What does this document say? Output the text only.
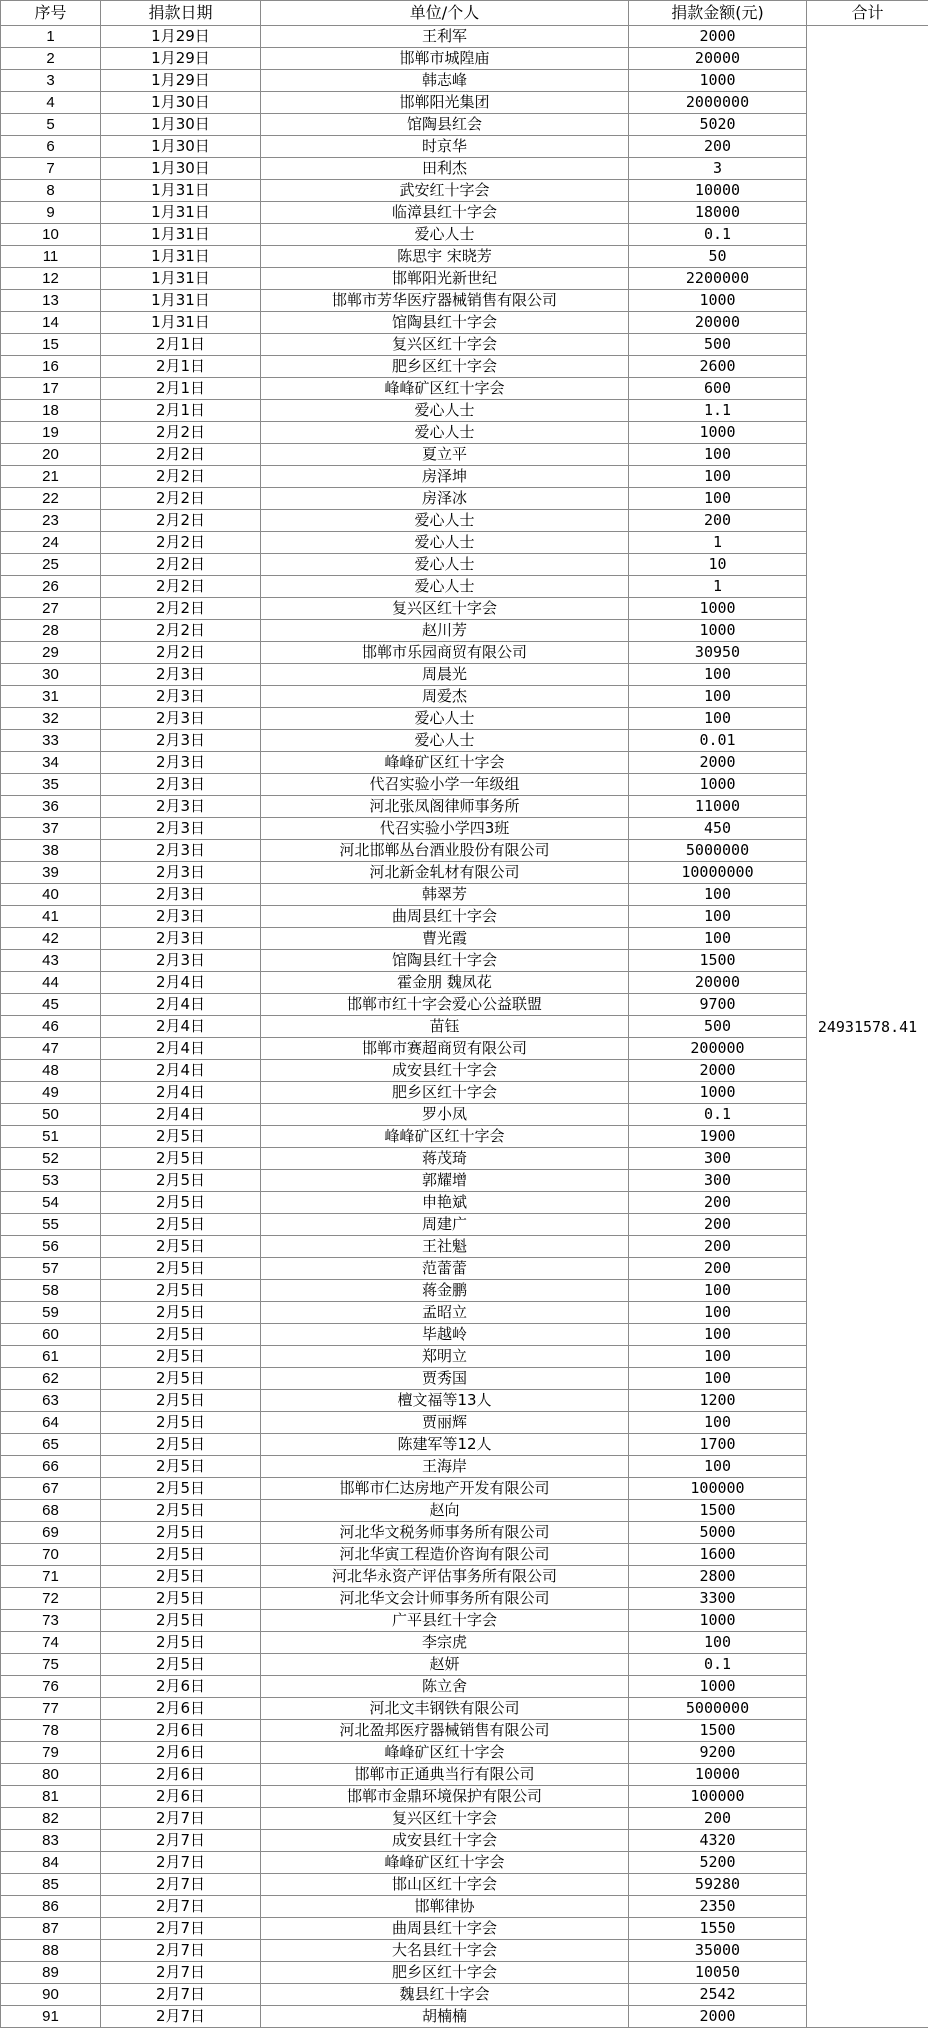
序号	捐款日期	单位/个人	捐款金额(元)	合计
1	1月29日	王利军	2000	24931578.41
2	1月29日	邯郸市城隍庙	20000	
3	1月29日	韩志峰	1000	
4	1月30日	邯郸阳光集团	2000000	
5	1月30日	馆陶县红会	5020	
6	1月30日	时京华	200	
7	1月30日	田利杰	3	
8	1月31日	武安红十字会	10000	
9	1月31日	临漳县红十字会	18000	
10	1月31日	爱心人士	0.1	
11	1月31日	陈思宇 宋晓芳	50	
12	1月31日	邯郸阳光新世纪	2200000	
13	1月31日	邯郸市芳华医疗器械销售有限公司	1000	
14	1月31日	馆陶县红十字会	20000	
15	2月1日	复兴区红十字会	500	
16	2月1日	肥乡区红十字会	2600	
17	2月1日	峰峰矿区红十字会	600	
18	2月1日	爱心人士	1.1	
19	2月2日	爱心人士	1000	
20	2月2日	夏立平	100	
21	2月2日	房泽坤	100	
22	2月2日	房泽冰	100	
23	2月2日	爱心人士	200	
24	2月2日	爱心人士	1	
25	2月2日	爱心人士	10	
26	2月2日	爱心人士	1	
27	2月2日	复兴区红十字会	1000	
28	2月2日	赵川芳	1000	
29	2月2日	邯郸市乐园商贸有限公司	30950	
30	2月3日	周晨光	100	
31	2月3日	周爱杰	100	
32	2月3日	爱心人士	100	
33	2月3日	爱心人士	0.01	
34	2月3日	峰峰矿区红十字会	2000	
35	2月3日	代召实验小学一年级组	1000	
36	2月3日	河北张凤阁律师事务所	11000	
37	2月3日	代召实验小学四3班	450	
38	2月3日	河北邯郸丛台酒业股份有限公司	5000000	
39	2月3日	河北新金轧材有限公司	10000000	
40	2月3日	韩翠芳	100	
41	2月3日	曲周县红十字会	100	
42	2月3日	曹光霞	100	
43	2月3日	馆陶县红十字会	1500	
44	2月4日	霍金朋 魏凤花	20000	
45	2月4日	邯郸市红十字会爱心公益联盟	9700	
46	2月4日	苗钰	500	
47	2月4日	邯郸市赛超商贸有限公司	200000	
48	2月4日	成安县红十字会	2000	
49	2月4日	肥乡区红十字会	1000	
50	2月4日	罗小凤	0.1	
51	2月5日	峰峰矿区红十字会	1900	
52	2月5日	蒋茂琦	300	
53	2月5日	郭耀增	300	
54	2月5日	申艳斌	200	
55	2月5日	周建广	200	
56	2月5日	王社魁	200	
57	2月5日	范蕾蕾	200	
58	2月5日	蒋金鹏	100	
59	2月5日	孟昭立	100	
60	2月5日	毕越岭	100	
61	2月5日	郑明立	100	
62	2月5日	贾秀国	100	
63	2月5日	檀文福等13人	1200	
64	2月5日	贾丽辉	100	
65	2月5日	陈建军等12人	1700	
66	2月5日	王海岸	100	
67	2月5日	邯郸市仁达房地产开发有限公司	100000	
68	2月5日	赵向	1500	
69	2月5日	河北华文税务师事务所有限公司	5000	
70	2月5日	河北华寅工程造价咨询有限公司	1600	
71	2月5日	河北华永资产评估事务所有限公司	2800	
72	2月5日	河北华文会计师事务所有限公司	3300	
73	2月5日	广平县红十字会	1000	
74	2月5日	李宗虎	100	
75	2月5日	赵妍	0.1	
76	2月6日	陈立舍	1000	
77	2月6日	河北文丰钢铁有限公司	5000000	
78	2月6日	河北盈邦医疗器械销售有限公司	1500	
79	2月6日	峰峰矿区红十字会	9200	
80	2月6日	邯郸市正通典当行有限公司	10000	
81	2月6日	邯郸市金鼎环境保护有限公司	100000	
82	2月7日	复兴区红十字会	200	
83	2月7日	成安县红十字会	4320	
84	2月7日	峰峰矿区红十字会	5200	
85	2月7日	邯山区红十字会	59280	
86	2月7日	邯郸律协	2350	
87	2月7日	曲周县红十字会	1550	
88	2月7日	大名县红十字会	35000	
89	2月7日	肥乡区红十字会	10050	
90	2月7日	魏县红十字会	2542	
91	2月7日	胡楠楠	2000	
